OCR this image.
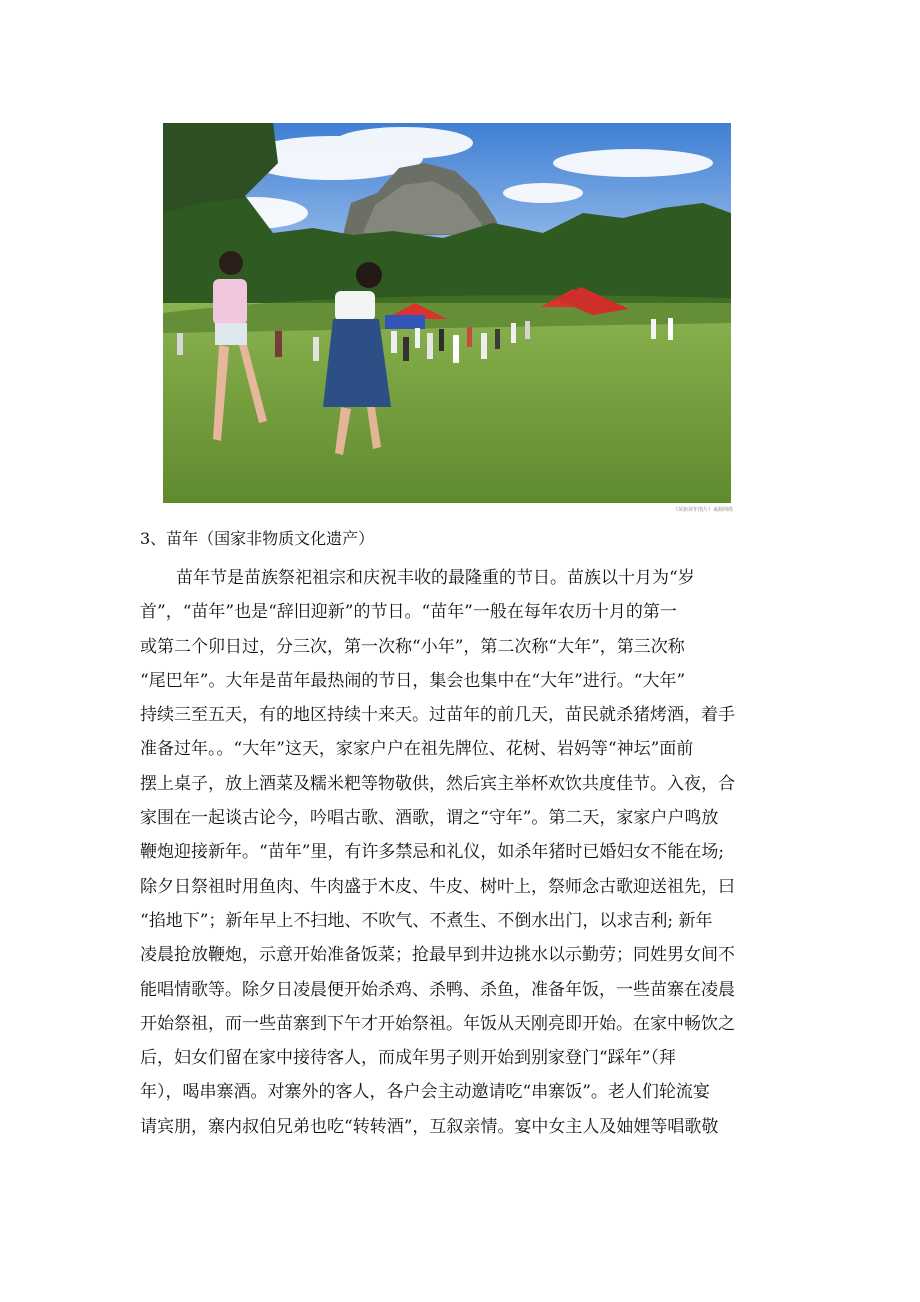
《苗族苗年图片》来源网络
3、苗年（国家非物质文化遗产）
苗年节是苗族祭祀祖宗和庆祝丰收的最隆重的节日。苗族以十月为“岁
首”，“苗年”也是“辞旧迎新”的节日。“苗年”一般在每年农历十月的第一
或第二个卯日过，分三次，第一次称“小年”，第二次称“大年”，第三次称
“尾巴年”。大年是苗年最热闹的节日，集会也集中在“大年”进行。“大年”
持续三至五天，有的地区持续十来天。过苗年的前几天，苗民就杀猪烤酒，着手
准备过年。。“大年”这天，家家户户在祖先牌位、花树、岩妈等“神坛”面前
摆上桌子，放上酒菜及糯米粑等物敬供，然后宾主举杯欢饮共度佳节。入夜，合
家围在一起谈古论今，吟唱古歌、酒歌，谓之“守年”。第二天，家家户户鸣放
鞭炮迎接新年。“苗年”里，有许多禁忌和礼仪，如杀年猪时已婚妇女不能在场;
除夕日祭祖时用鱼肉、牛肉盛于木皮、牛皮、树叶上，祭师念古歌迎送祖先，曰
“掐地下”；新年早上不扫地、不吹气、不煮生、不倒水出门，以求吉利; 新年
凌晨抢放鞭炮，示意开始准备饭菜；抢最早到井边挑水以示勤劳；同姓男女间不
能唱情歌等。除夕日凌晨便开始杀鸡、杀鸭、杀鱼，准备年饭，一些苗寨在凌晨
开始祭祖，而一些苗寨到下午才开始祭祖。年饭从天刚亮即开始。在家中畅饮之
后，妇女们留在家中接待客人，而成年男子则开始到别家登门“踩年”（拜
年），喝串寨酒。对寨外的客人，各户会主动邀请吃“串寨饭”。老人们轮流宴
请宾朋，寨内叔伯兄弟也吃“转转酒”，互叙亲情。宴中女主人及妯娌等唱歌敬
